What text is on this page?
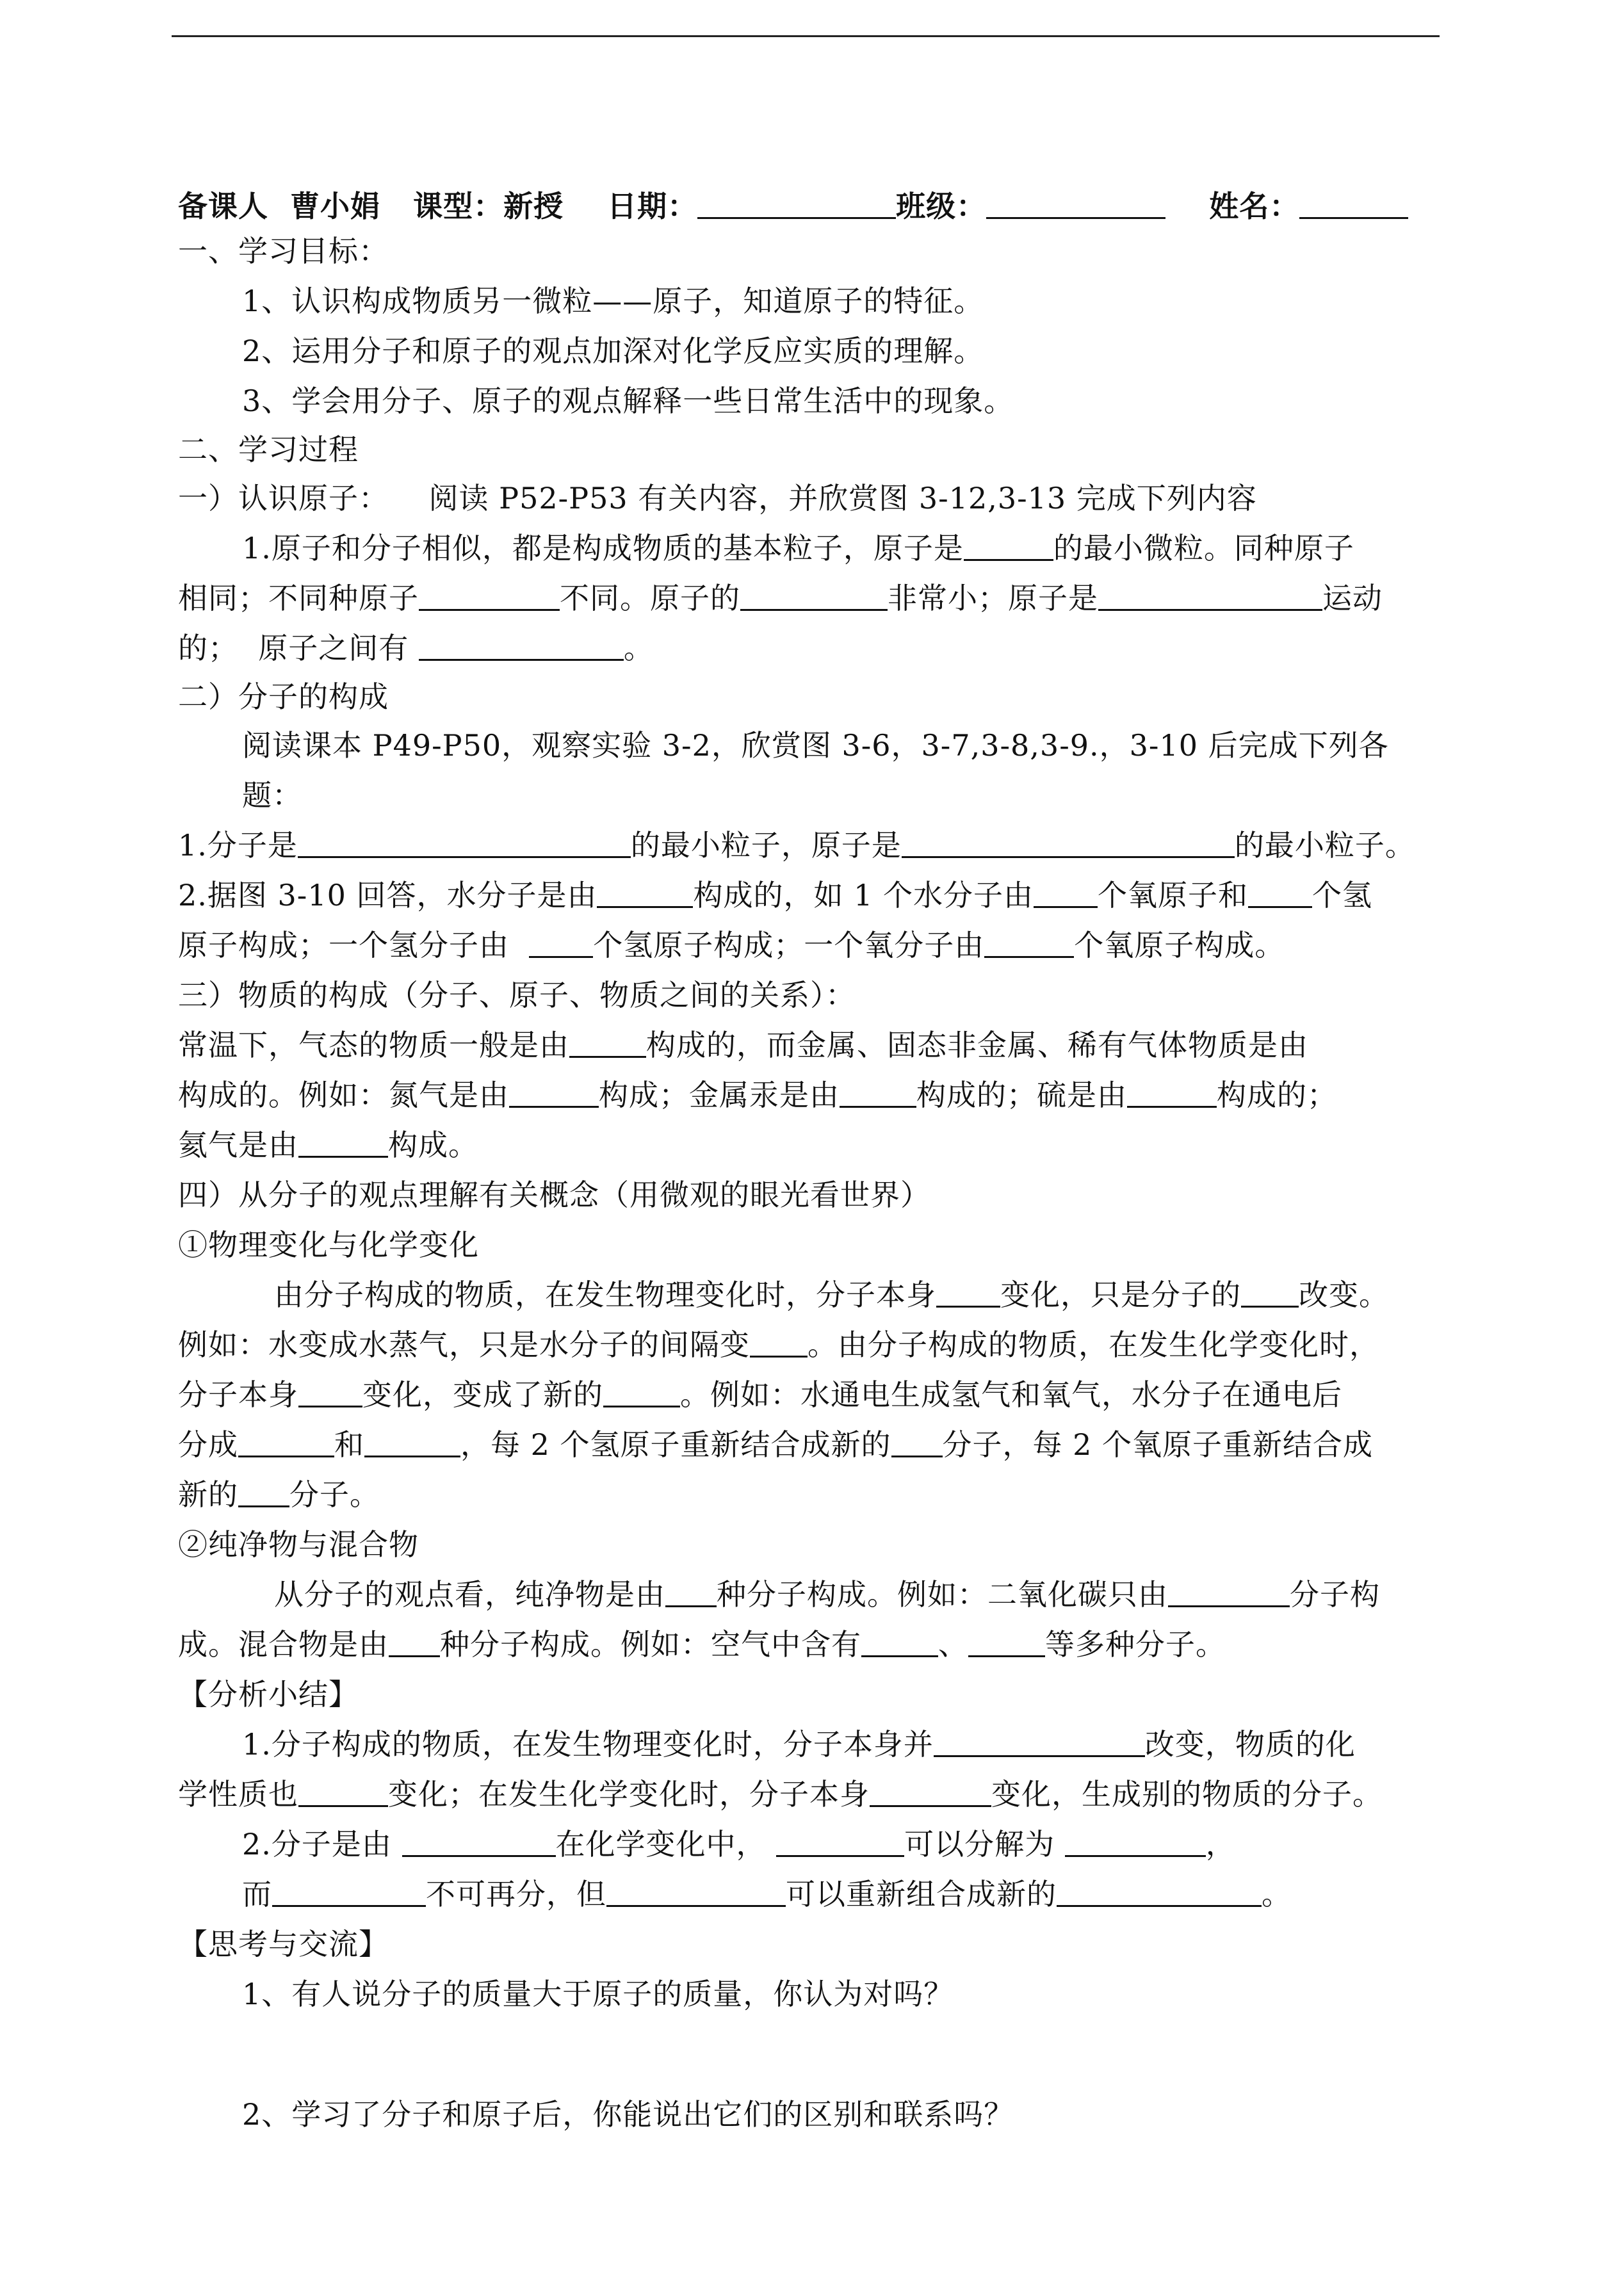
备课人 曹小娟 课型：新授 日期：	班级：	姓名：
一、学习目标：
1、认识构成物质另一微粒——原子，知道原子的特征。
2、运用分子和原子的观点加深对化学反应实质的理解。
3、学会用分子、原子的观点解释一些日常生活中的现象。
二、学习过程
一）认识原子： 阅读 P52-P53 有关内容，并欣赏图 3-12,3-13 完成下列内容
1.原子和分子相似，都是构成物质的基本粒子，原子是	的最小微粒。同种原子
相同；不同种原子	不同。原子的	非常小；原子是	运动
的；  原子之间有	。
二）分子的构成
阅读课本 P49-P50，观察实验 3-2，欣赏图 3-6，3-7,3-8,3-9.，3-10 后完成下列各
题：
1.分子是	的最小粒子，原子是	的最小粒子。
2.据图 3-10 回答，水分子是由	构成的，如 1 个水分子由 个氧原子和 个氢
原子构成；一个氢分子由  个氢原子构成；一个氧分子由	个氧原子构成。
三）物质的构成（分子、原子、物质之间的关系）：
常温下，气态的物质一般是由	构成的，而金属、固态非金属、稀有气体物质是由
构成的。例如：氮气是由	构成；金属汞是由	构成的；硫是由	构成的；
氦气是由	构成。
四）从分子的观点理解有关概念（用微观的眼光看世界）
①物理变化与化学变化
由分子构成的物质，在发生物理变化时，分子本身 变化，只是分子的 改变。
例如：水变成水蒸气，只是水分子的间隔变 。由分子构成的物质，在发生化学变化时，
分子本身 变化，变成了新的	。例如：水通电生成氢气和氧气，水分子在通电后
分成	和	，每 2 个氢原子重新结合成新的 分子，每 2 个氧原子重新结合成
新的 分子。
②纯净物与混合物
从分子的观点看，纯净物是由 种分子构成。例如：二氧化碳只由	分子构
成。混合物是由 种分子构成。例如：空气中含有	、	等多种分子。
【分析小结】
1.分子构成的物质，在发生物理变化时，分子本身并	改变，物质的化
学性质也	变化；在发生化学变化时，分子本身	变化，生成别的物质的分子。
2.分子是由	在化学变化中，	可以分解为	，
而	不可再分，但	可以重新组合成新的	。
【思考与交流】
1、有人说分子的质量大于原子的质量，你认为对吗？
2、学习了分子和原子后，你能说出它们的区别和联系吗？
